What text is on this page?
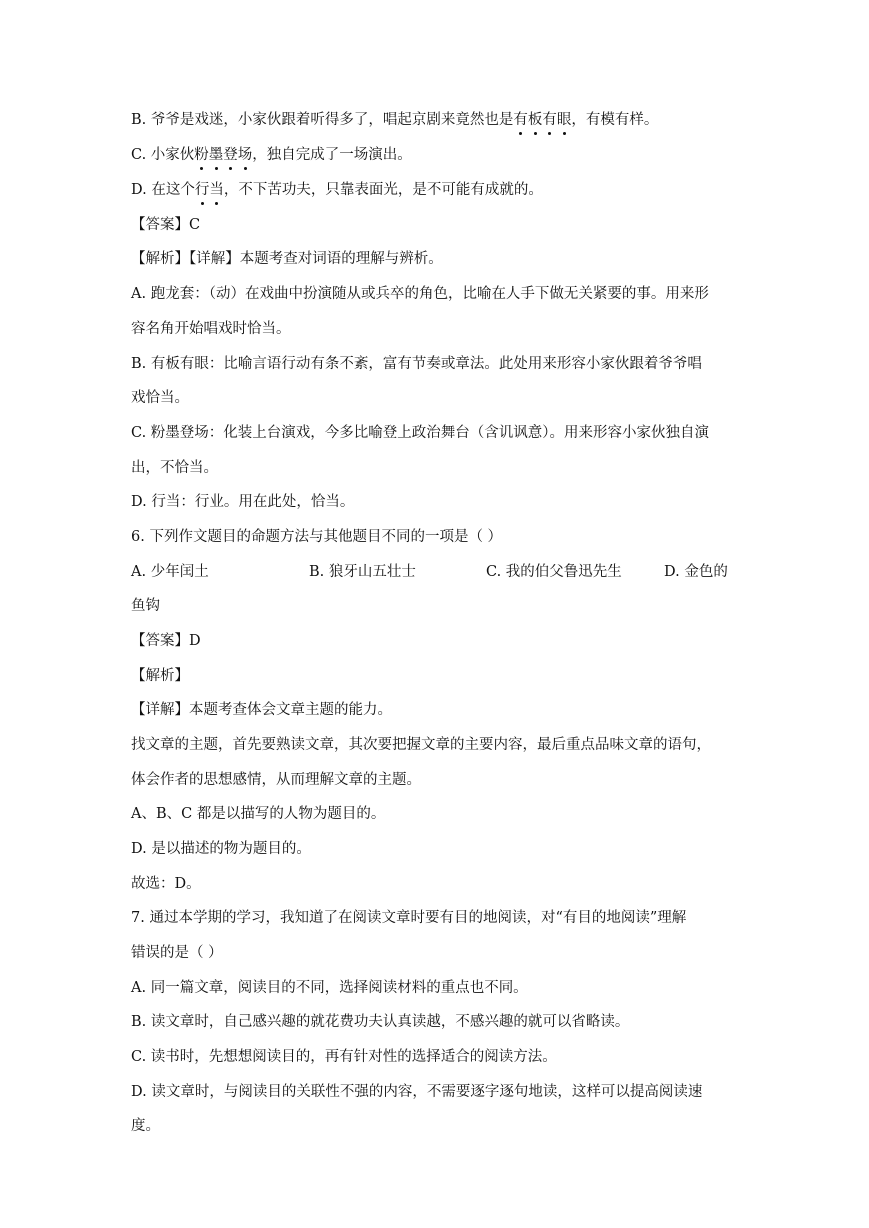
B. 爷爷是戏迷，小家伙跟着听得多了，唱起京剧来竟然也是有板有眼，有模有样。
C. 小家伙粉墨登场，独自完成了一场演出。
D. 在这个行当，不下苦功夫，只靠表面光，是不可能有成就的。
【答案】C
【解析】【详解】本题考查对词语的理解与辨析。
A. 跑龙套：（动）在戏曲中扮演随从或兵卒的角色，比喻在人手下做无关紧要的事。用来形
容名角开始唱戏时恰当。
B. 有板有眼：比喻言语行动有条不紊，富有节奏或章法。此处用来形容小家伙跟着爷爷唱
戏恰当。
C. 粉墨登场：化装上台演戏，今多比喻登上政治舞台（含讥讽意）。用来形容小家伙独自演
出，不恰当。
D. 行当：行业。用在此处，恰当。
6. 下列作文题目的命题方法与其他题目不同的一项是（ ）
A. 少年闰土	B. 狼牙山五壮士	C. 我的伯父鲁迅先生	D. 金色的
鱼钩
【答案】D
【解析】
【详解】本题考查体会文章主题的能力。
找文章的主题，首先要熟读文章，其次要把握文章的主要内容，最后重点品味文章的语句，
体会作者的思想感情，从而理解文章的主题。
A、B、C 都是以描写的人物为题目的。
D. 是以描述的物为题目的。
故选：D。
7. 通过本学期的学习，我知道了在阅读文章时要有目的地阅读，对“有目的地阅读”理解
错误的是（ ）
A. 同一篇文章，阅读目的不同，选择阅读材料的重点也不同。
B. 读文章时，自己感兴趣的就花费功夫认真读越，不感兴趣的就可以省略读。
C. 读书时，先想想阅读目的，再有针对性的选择适合的阅读方法。
D. 读文章时，与阅读目的关联性不强的内容，不需要逐字逐句地读，这样可以提高阅读速
度。
